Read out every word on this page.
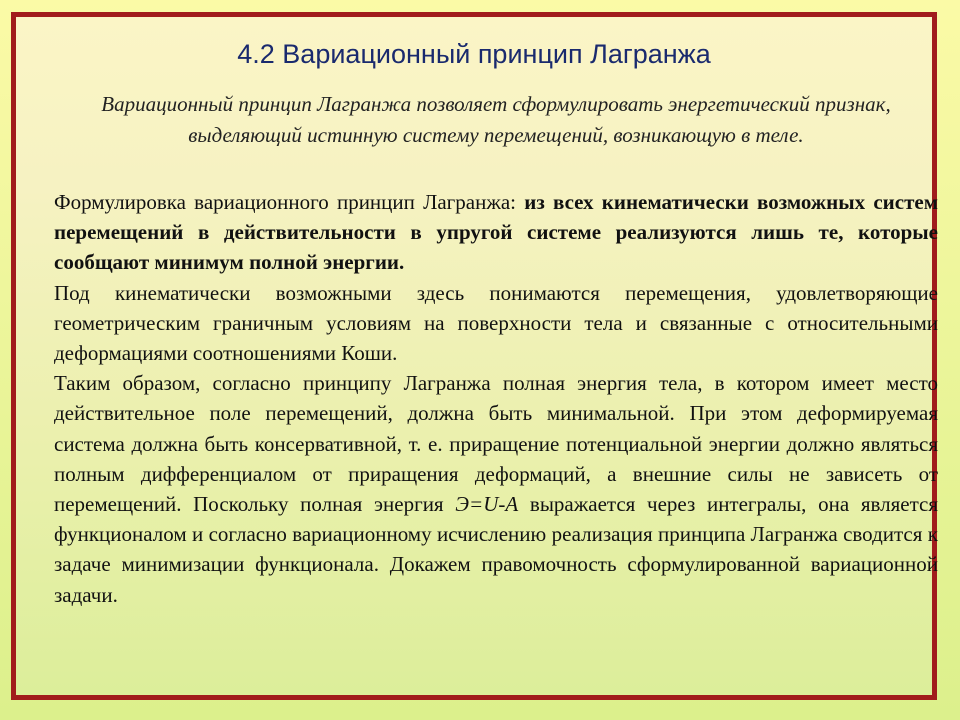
4.2 Вариационный принцип Лагранжа

Вариационный принцип Лагранжа позволяет сформулировать энергетический признак, выделяющий истинную систему перемещений, возникающую в теле.

Формулировка вариационного принцип Лагранжа: из всех кинематически возможных систем перемещений в действительности в упругой системе реализуются лишь те, которые сообщают минимум полной энергии.

Под кинематически возможными здесь понимаются перемещения, удовлетворяющие геометрическим граничным условиям на поверхности тела и связанные с относительными деформациями соотношениями Коши.

Таким образом, согласно принципу Лагранжа полная энергия тела, в котором имеет место действительное поле перемещений, должна быть минимальной. При этом деформируемая система должна быть консервативной, т. е. приращение потенциальной энергии должно являться полным дифференциалом от приращения деформаций, а внешние силы не зависеть от перемещений. Поскольку полная энергия Э=U-A выражается через интегралы, она является функционалом и согласно вариационному исчислению реализация принципа Лагранжа сводится к задаче минимизации функционала. Докажем правомочность сформулированной вариационной задачи.
